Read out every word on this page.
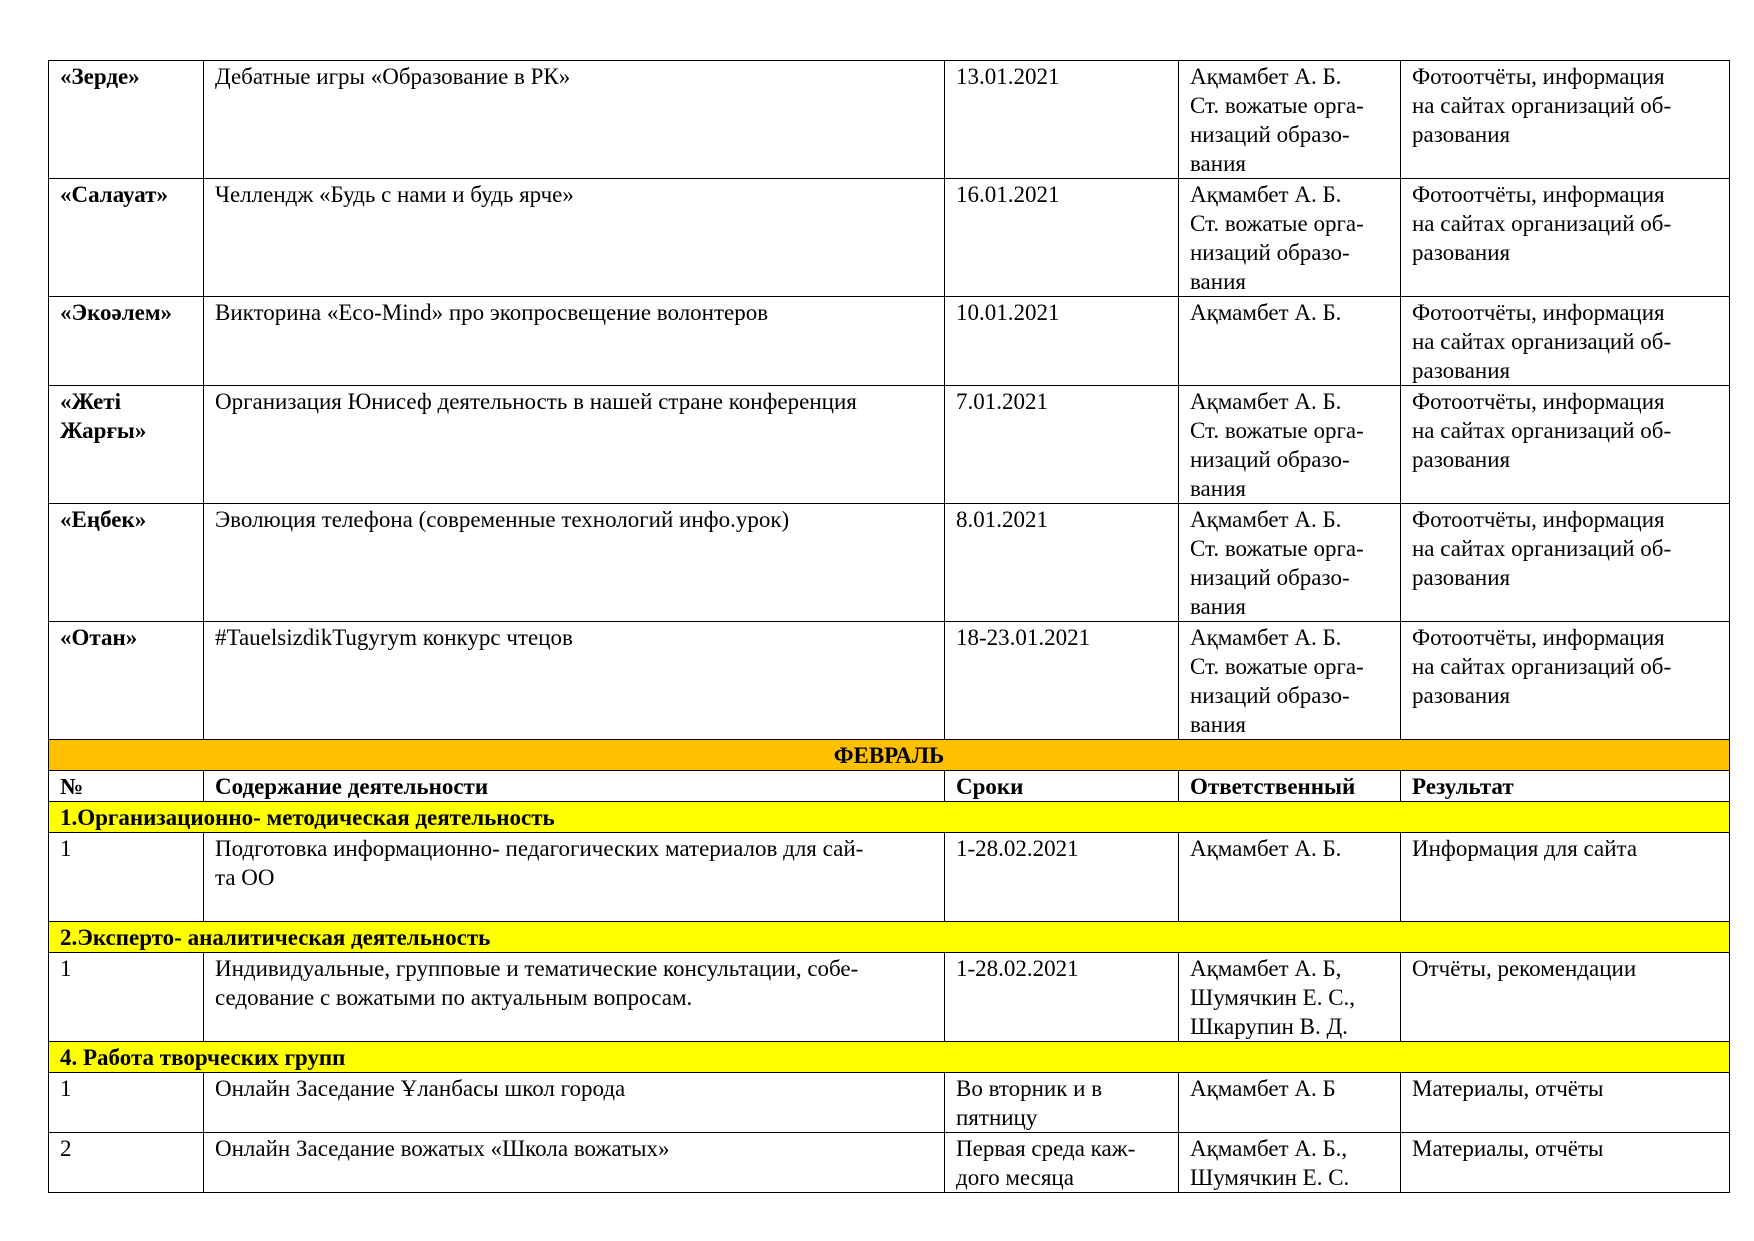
«Зерде»	Дебатные игры «Образование в РК»	13.01.2021	Ақмамбет А. Б.
Ст. вожатые орга-
низаций образо-
вания	Фотоотчёты, информация
на сайтах организаций об-
разования
«Салауат»	Челлендж «Будь с нами и будь ярче»	16.01.2021	Ақмамбет А. Б.
Ст. вожатые орга-
низаций образо-
вания	Фотоотчёты, информация
на сайтах организаций об-
разования
«Экоәлем»	Викторина «Eco-Mind» про экопросвещение волонтеров	10.01.2021	Ақмамбет А. Б.	Фотоотчёты, информация
на сайтах организаций об-
разования
«Жеті
Жарғы»	Организация Юнисеф деятельность в нашей стране конференция	7.01.2021	Ақмамбет А. Б.
Ст. вожатые орга-
низаций образо-
вания	Фотоотчёты, информация
на сайтах организаций об-
разования
«Еңбек»	Эволюция телефона (современные технологий инфо.урок)	8.01.2021	Ақмамбет А. Б.
Ст. вожатые орга-
низаций образо-
вания	Фотоотчёты, информация
на сайтах организаций об-
разования
«Отан»	#TauelsizdikTugyrym конкурс чтецов	18-23.01.2021	Ақмамбет А. Б.
Ст. вожатые орга-
низаций образо-
вания	Фотоотчёты, информация
на сайтах организаций об-
разования
ФЕВРАЛЬ				
№	Содержание деятельности	Сроки	Ответственный	Результат
1.Организационно- методическая деятельность				
1	Подготовка информационно- педагогических материалов для сай-
та ОО	1-28.02.2021	Ақмамбет А. Б.	Информация для сайта
2.Эксперто- аналитическая деятельность				
1	Индивидуальные, групповые и тематические консультации, собе-
седование с вожатыми по актуальным вопросам.	1-28.02.2021	Ақмамбет А. Б,
Шумячкин Е. С.,
Шкарупин В. Д.	Отчёты, рекомендации
4. Работа творческих групп				
1	Онлайн Заседание Ұланбасы школ города	Во вторник и в
пятницу	Ақмамбет А. Б	Материалы, отчёты
2	Онлайн Заседание вожатых «Школа вожатых»	Первая среда каж-
дого месяца	Ақмамбет А. Б.,
Шумячкин Е. С.	Материалы, отчёты
